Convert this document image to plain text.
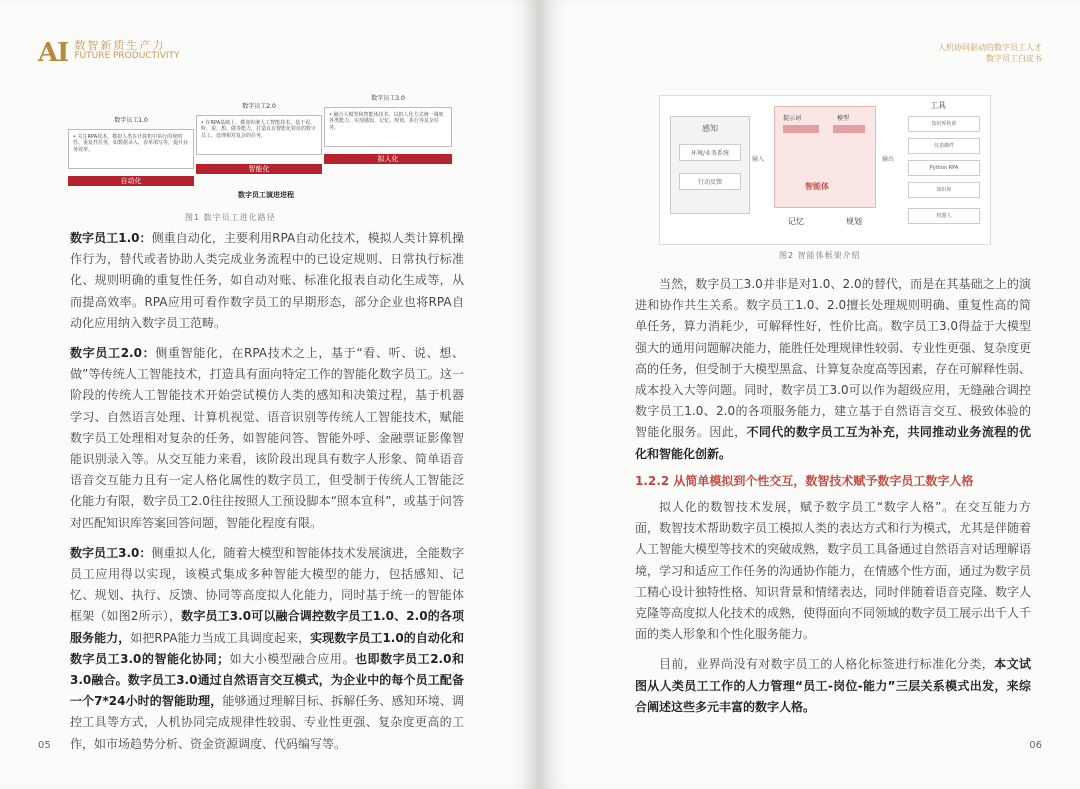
AI 数智新质生产力
FUTURE PRODUCTIVITY
数字员工1.0
• 关注RPA技术，模拟人类在计算机中执行的规则性、重复性任务，如数据录入、表单填写等，提升业务效率。
自动化
数字员工2.0
• 在RPA基础上，叠加传统人工智能技术，基于看、听、说、想、做等能力，打造具有智能化特征的数字员工，处理相对复杂的任务。
智能化
数字员工3.0
• 融合大模型和智能体技术，以拟人化方式统一调度各类能力，实现感知、记忆、规划、执行等复杂任务。
拟人化
数字员工演进进程
图1 数字员工进化路径

数字员工1.0：侧重自动化，主要利用RPA自动化技术，模拟人类计算机操作行为，替代或者协助人类完成业务流程中的已设定规则、日常执行标准化、规则明确的重复性任务，如自动对账、标准化报表自动化生成等，从而提高效率。RPA应用可看作数字员工的早期形态，部分企业也将RPA自动化应用纳入数字员工范畴。

数字员工2.0：侧重智能化，在RPA技术之上，基于“看、听、说、想、做”等传统人工智能技术，打造具有面向特定工作的智能化数字员工。这一阶段的传统人工智能技术开始尝试模仿人类的感知和决策过程，基于机器学习、自然语言处理、计算机视觉、语音识别等传统人工智能技术，赋能数字员工处理相对复杂的任务，如智能问答、智能外呼、金融票证影像智能识别录入等。从交互能力来看，该阶段出现具有数字人形象、简单语音语音交互能力且有一定人格化属性的数字员工，但受制于传统人工智能泛化能力有限，数字员工2.0往往按照人工预设脚本“照本宣科”，或基于问答对匹配知识库答案回答问题，智能化程度有限。

数字员工3.0：侧重拟人化，随着大模型和智能体技术发展演进，全能数字员工应用得以实现，该模式集成多种智能大模型的能力，包括感知、记忆、规划、执行、反馈、协同等高度拟人化能力，同时基于统一的智能体框架（如图2所示），数字员工3.0可以融合调控数字员工1.0、2.0的各项服务能力，如把RPA能力当成工具调度起来，实现数字员工1.0的自动化和数字员工3.0的智能化协同；如大小模型融合应用。也即数字员工2.0和3.0融合。数字员工3.0通过自然语言交互模式，为企业中的每个员工配备一个7*24小时的智能助理，能够通过理解目标、拆解任务、感知环境、调控工具等方式，人机协同完成规律性较弱、专业性更强、复杂度更高的工作，如市场趋势分析、资金资源调度、代码编写等。

05
人机协同驱动的数字员工人才
数字员工白皮书
感知
环境/业务系统
行动反馈
输入
提示词	模型
智能体
输出
记忆	规划
工具
知识库检索
仪表插件
Python RPA
知识库
机器人
图2 智能体框架介绍

当然，数字员工3.0并非是对1.0、2.0的替代，而是在其基础之上的演进和协作共生关系。数字员工1.0、2.0擅长处理规则明确、重复性高的简单任务，算力消耗少，可解释性好，性价比高。数字员工3.0得益于大模型强大的通用问题解决能力，能胜任处理规律性较弱、专业性更强、复杂度更高的任务，但受制于大模型黑盒、计算复杂度高等因素，存在可解释性弱、成本投入大等问题。同时，数字员工3.0可以作为超级应用，无缝融合调控数字员工1.0、2.0的各项服务能力，建立基于自然语言交互、极致体验的智能化服务。因此，不同代的数字员工互为补充，共同推动业务流程的优化和智能化创新。

1.2.2 从简单模拟到个性交互，数智技术赋予数字员工数字人格

拟人化的数智技术发展，赋予数字员工“数字人格”。在交互能力方面，数智技术帮助数字员工模拟人类的表达方式和行为模式，尤其是伴随着人工智能大模型等技术的突破成熟，数字员工具备通过自然语言对话理解语境，学习和适应工作任务的沟通协作能力，在情感个性方面，通过为数字员工精心设计独特性格、知识背景和情绪表达，同时伴随着语音克隆、数字人克隆等高度拟人化技术的成熟，使得面向不同领域的数字员工展示出千人千面的类人形象和个性化服务能力。

目前，业界尚没有对数字员工的人格化标签进行标准化分类，本文试图从人类员工工作的人力管理“员工-岗位-能力”三层关系模式出发，来综合阐述这些多元丰富的数字人格。

06
